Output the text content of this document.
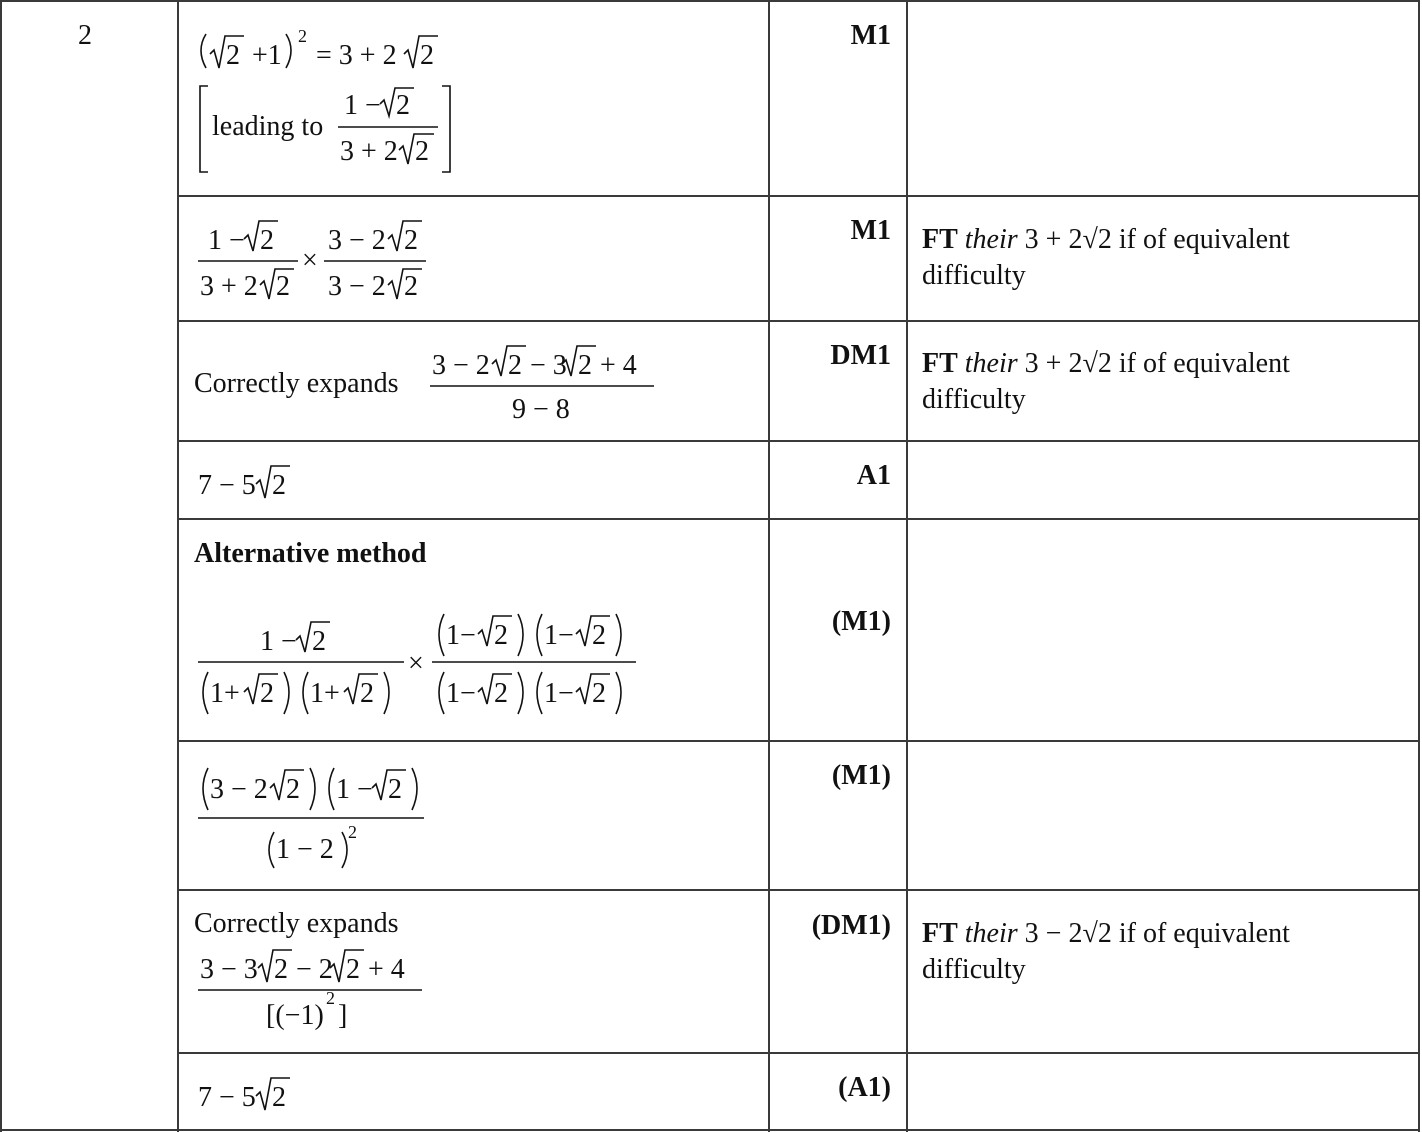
2
2 +1
2
= 3 + 2 2
leading to
1 − 2
3 + 2 2
M1
1 − 2
3 + 2 2
×
3 − 2 2
3 − 2 2
M1 FT their 3 + 2√2 if of equivalent difficulty
Correctly expands
3 − 2 2 − 3 2 + 4
9 − 8
DM1 FT their 3 + 2√2 if of equivalent difficulty
7 − 5 2	A1
Alternative method
1 − 2
1+ 2 1+ 2
×
1− 2 1− 2
1− 2 1− 2
(M1)
3 − 2 2 1 − 2
1 − 2
2
(M1)
Correctly expands
3 − 3 2 − 2 2 + 4
[(−1)
2
]
(DM1) FT their 3 − 2√2 if of equivalent difficulty
7 − 5 2	(A1)
